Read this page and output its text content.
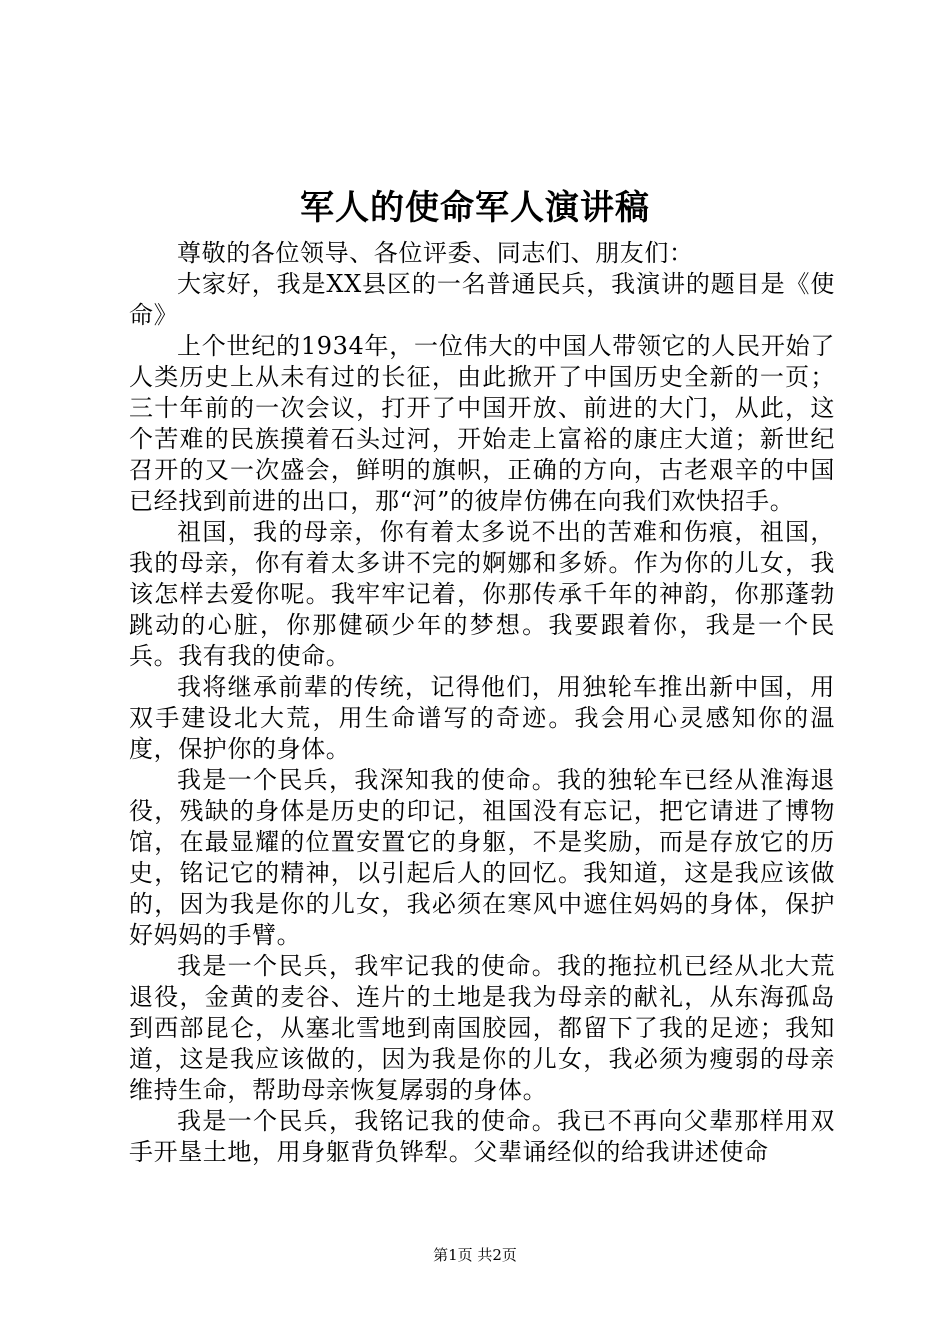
军人的使命军人演讲稿

尊敬的各位领导、各位评委、同志们、朋友们：

大家好，我是XX县区的一名普通民兵，我演讲的题目是《使命》

上个世纪的1934年，一位伟大的中国人带领它的人民开始了人类历史上从未有过的长征，由此掀开了中国历史全新的一页；三十年前的一次会议，打开了中国开放、前进的大门，从此，这个苦难的民族摸着石头过河，开始走上富裕的康庄大道；新世纪召开的又一次盛会，鲜明的旗帜，正确的方向，古老艰辛的中国已经找到前进的出口，那“河”的彼岸仿佛在向我们欢快招手。

祖国，我的母亲，你有着太多说不出的苦难和伤痕，祖国，我的母亲，你有着太多讲不完的婀娜和多娇。作为你的儿女，我该怎样去爱你呢。我牢牢记着，你那传承千年的神韵，你那蓬勃跳动的心脏，你那健硕少年的梦想。我要跟着你，我是一个民兵。我有我的使命。

我将继承前辈的传统，记得他们，用独轮车推出新中国，用双手建设北大荒，用生命谱写的奇迹。我会用心灵感知你的温度，保护你的身体。

我是一个民兵，我深知我的使命。我的独轮车已经从淮海退役，残缺的身体是历史的印记，祖国没有忘记，把它请进了博物馆，在最显耀的位置安置它的身躯，不是奖励，而是存放它的历史，铭记它的精神，以引起后人的回忆。我知道，这是我应该做的，因为我是你的儿女，我必须在寒风中遮住妈妈的身体，保护好妈妈的手臂。

我是一个民兵，我牢记我的使命。我的拖拉机已经从北大荒退役，金黄的麦谷、连片的土地是我为母亲的献礼，从东海孤岛到西部昆仑，从塞北雪地到南国胶园，都留下了我的足迹；我知道，这是我应该做的，因为我是你的儿女，我必须为瘦弱的母亲维持生命，帮助母亲恢复孱弱的身体。

我是一个民兵，我铭记我的使命。我已不再向父辈那样用双手开垦土地，用身躯背负铧犁。父辈诵经似的给我讲述使命

第1页 共2页
